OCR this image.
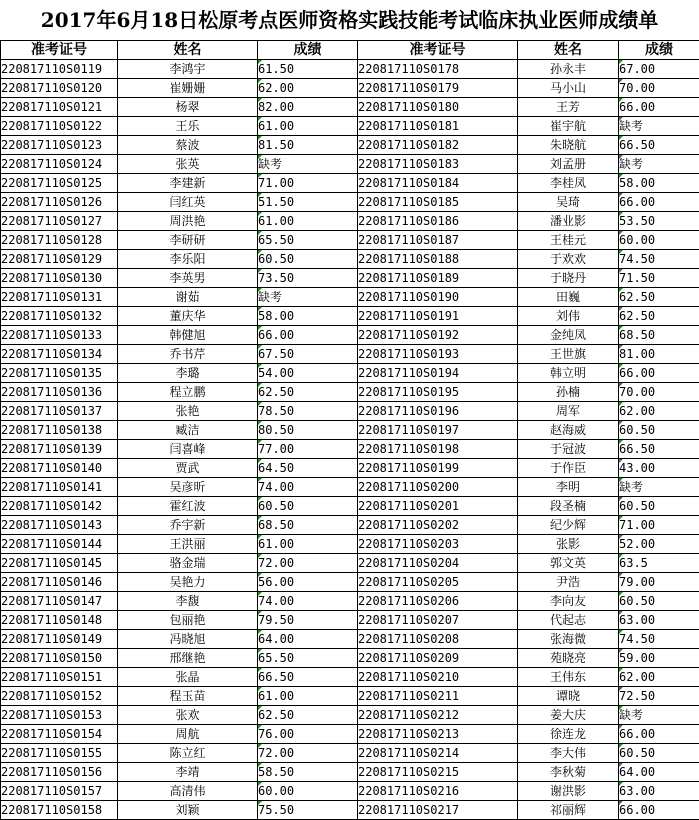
2017年6月18日松原考点医师资格实践技能考试临床执业医师成绩单
准考证号	姓名	成绩	准考证号	姓名	成绩
220817110S0119	李鸿宇	61.50	220817110S0178	孙永丰	67.00
220817110S0120	崔姗姗	62.00	220817110S0179	马小山	70.00
220817110S0121	杨翠	82.00	220817110S0180	王芳	66.00
220817110S0122	王乐	61.00	220817110S0181	崔宇航	缺考
220817110S0123	蔡波	81.50	220817110S0182	朱晓航	66.50
220817110S0124	张英	缺考	220817110S0183	刘孟册	缺考
220817110S0125	李建新	71.00	220817110S0184	李桂凤	58.00
220817110S0126	闫红英	51.50	220817110S0185	吴琦	66.00
220817110S0127	周洪艳	61.00	220817110S0186	潘业影	53.50
220817110S0128	李研研	65.50	220817110S0187	王桂元	60.00
220817110S0129	李乐阳	60.50	220817110S0188	于欢欢	74.50
220817110S0130	李英男	73.50	220817110S0189	于晓丹	71.50
220817110S0131	谢茹	缺考	220817110S0190	田巍	62.50
220817110S0132	董庆华	58.00	220817110S0191	刘伟	62.50
220817110S0133	韩健旭	66.00	220817110S0192	金纯凤	68.50
220817110S0134	乔书芹	67.50	220817110S0193	王世旗	81.00
220817110S0135	李璐	54.00	220817110S0194	韩立明	66.00
220817110S0136	程立鹏	62.50	220817110S0195	孙楠	70.00
220817110S0137	张艳	78.50	220817110S0196	周军	62.00
220817110S0138	臧洁	80.50	220817110S0197	赵海威	60.50
220817110S0139	闫喜峰	77.00	220817110S0198	于冠波	66.50
220817110S0140	贾武	64.50	220817110S0199	于作臣	43.00
220817110S0141	吴彦昕	74.00	220817110S0200	李明	缺考
220817110S0142	霍红波	60.50	220817110S0201	段圣楠	60.50
220817110S0143	乔宇新	68.50	220817110S0202	纪少辉	71.00
220817110S0144	王洪丽	61.00	220817110S0203	张影	52.00
220817110S0145	骆金瑞	72.00	220817110S0204	郭文英	63.5
220817110S0146	吴艳力	56.00	220817110S0205	尹浩	79.00
220817110S0147	李馥	74.00	220817110S0206	李向友	60.50
220817110S0148	包丽艳	79.50	220817110S0207	代起志	63.00
220817110S0149	冯晓旭	64.00	220817110S0208	张海微	74.50
220817110S0150	邢继艳	65.50	220817110S0209	苑晓亮	59.00
220817110S0151	张晶	66.50	220817110S0210	王伟东	62.00
220817110S0152	程玉苗	61.00	220817110S0211	谭晓	72.50
220817110S0153	张欢	62.50	220817110S0212	姜大庆	缺考
220817110S0154	周航	76.00	220817110S0213	徐连龙	66.00
220817110S0155	陈立红	72.00	220817110S0214	李大伟	60.50
220817110S0156	李靖	58.50	220817110S0215	李秋菊	64.00
220817110S0157	高清伟	60.00	220817110S0216	谢洪影	63.00
220817110S0158	刘颖	75.50	220817110S0217	祁丽辉	66.00
